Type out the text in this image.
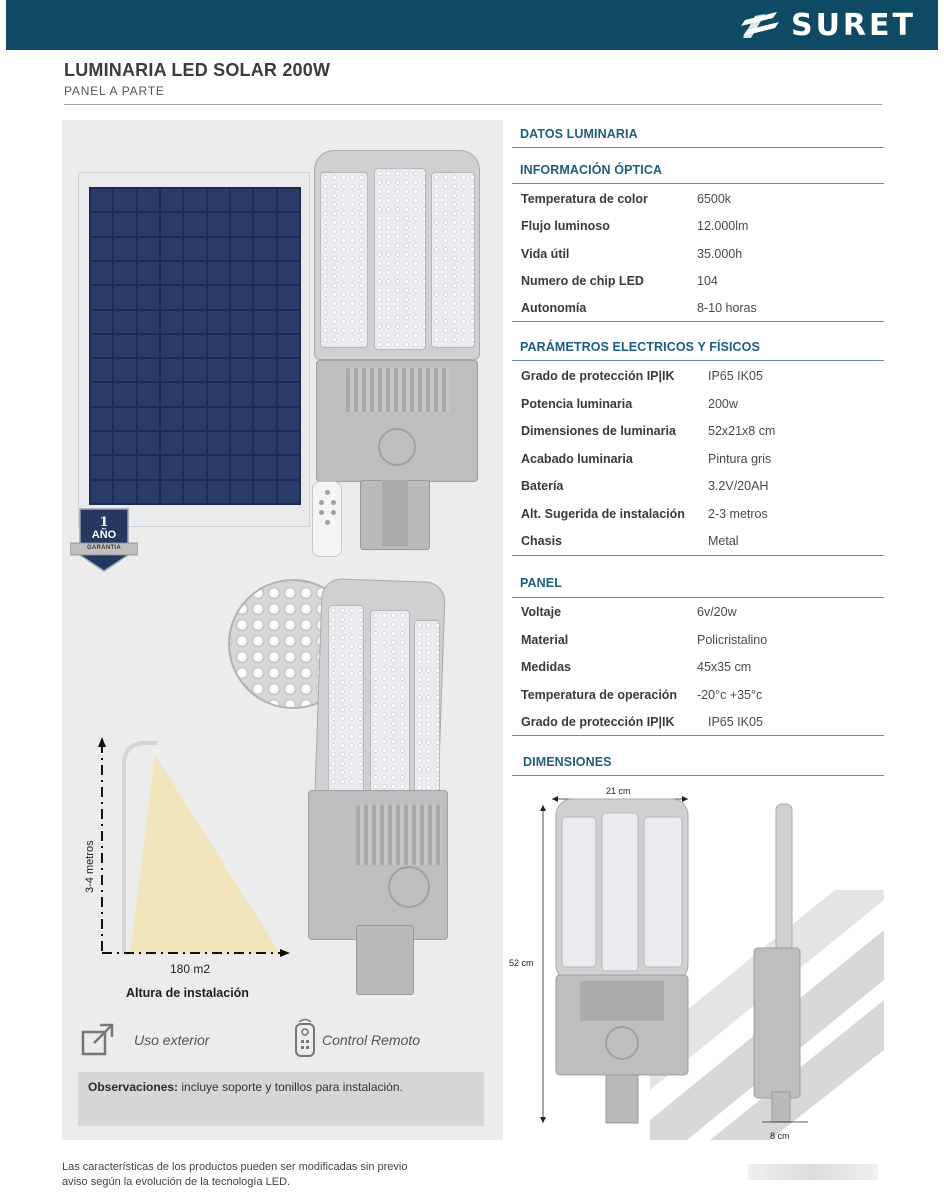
SURET
LUMINARIA LED SOLAR 200W
PANEL A PARTE
1
AÑO
GARANTIA
3-4 metros
180 m2
Altura de instalación
Uso exterior	Control Remoto
Observaciones: incluye soporte y tonillos para instalación.
Las características de los productos pueden ser modificadas sin previo
aviso según la evolución de la tecnología LED.
DATOS LUMINARIA
INFORMACIÓN ÓPTICA
Temperatura de color	6500k
Flujo luminoso	12.000lm
Vida útil	35.000h
Numero de chip LED	104
Autonomía	8-10 horas
PARÁMETROS ELECTRICOS Y FÍSICOS
Grado de protección IP|IK	IP65 IK05
Potencia luminaria	200w
Dimensiones de luminaria	52x21x8 cm
Acabado luminaria	Pintura gris
Batería	3.2V/20AH
Alt. Sugerida de instalación 2-3 metros
Chasis	Metal
PANEL
Voltaje	6v/20w
Material	Policristalino
Medidas	45x35 cm
Temperatura de operación -20°c +35°c
Grado de protección IP|IK	IP65 IK05
DIMENSIONES
21 cm
52 cm
8 cm
